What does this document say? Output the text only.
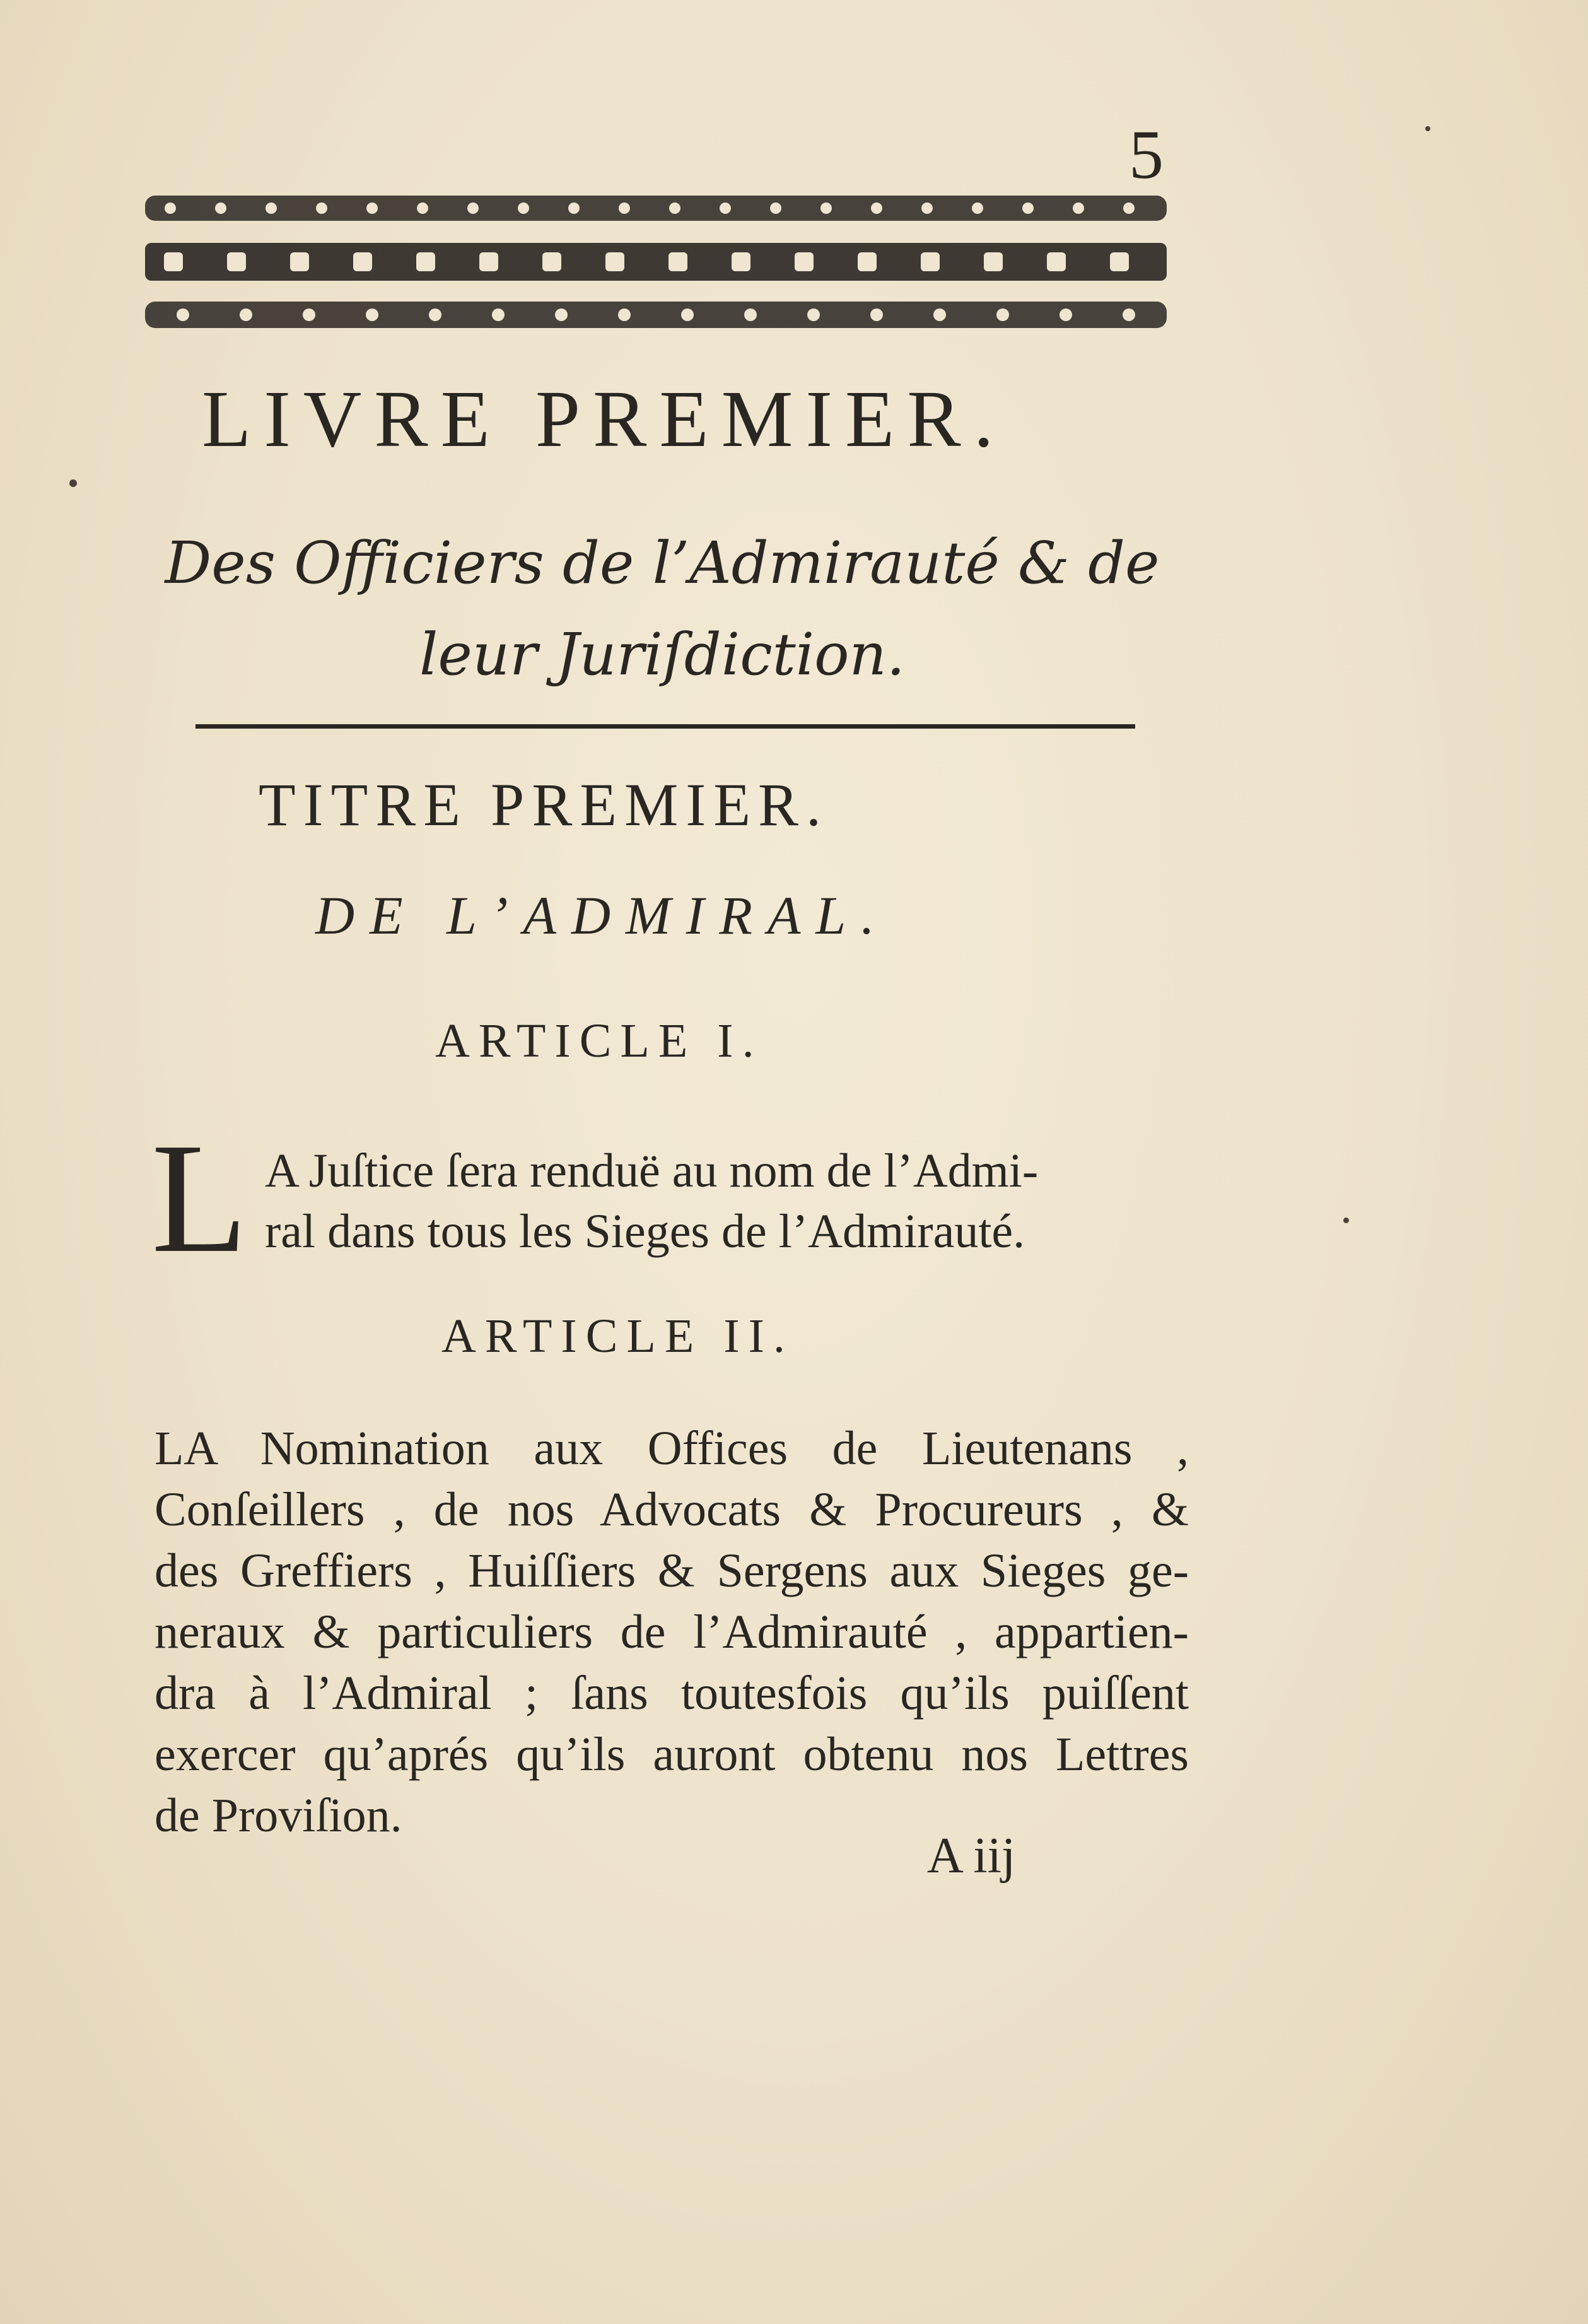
5
LIVRE PREMIER.
Des Officiers de l’Admirauté & de
leur Juriſdiction.
TITRE PREMIER.
DE L’ADMIRAL.
ARTICLE I.
L A Juſtice ſera renduë au nom de l’Admi-
ral dans tous les Sieges de l’Admirauté.
ARTICLE II.
LA Nomination aux Offices de Lieutenans ,
Conſeillers , de nos Advocats & Procureurs , &
des Greffiers , Huiſſiers & Sergens aux Sieges ge-
neraux & particuliers de l’Admirauté , appartien-
dra à l’Admiral ; ſans toutesfois qu’ils puiſſent
exercer qu’aprés qu’ils auront obtenu nos Lettres
de Proviſion.
A iij
